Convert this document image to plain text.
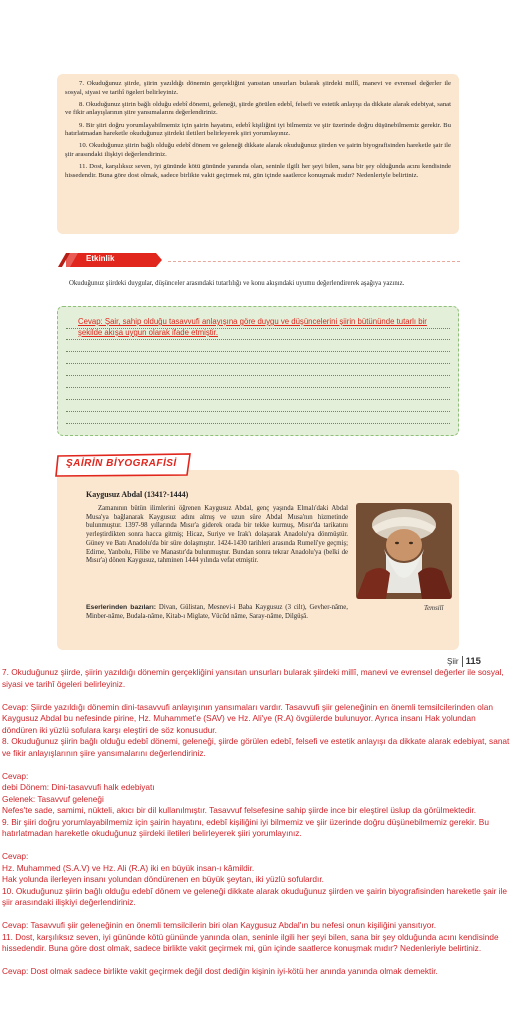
7. Okuduğunuz şiirde, şiirin yazıldığı dönemin gerçekliğini yansıtan unsurları bularak şiirdeki millî, manevi ve evrensel değerler ile sosyal, siyasi ve tarihî ögeleri belirleyiniz.

8. Okuduğunuz şiirin bağlı olduğu edebî dönemi, geleneği, şiirde görülen edebî, felsefi ve estetik anlayışı da dikkate alarak edebiyat, sanat ve fikir anlayışlarının şiire yansımalarını değerlendiriniz.

9. Bir şiiri doğru yorumlayabilmemiz için şairin hayatını, edebî kişiliğini iyi bilmemiz ve şiir üzerinde doğru düşünebilmemiz gerekir. Bu hatırlatmadan hareketle okuduğunuz şiirdeki iletileri belirleyerek şiiri yorumlayınız.

10. Okuduğunuz şiirin bağlı olduğu edebî dönem ve geleneği dikkate alarak okuduğunuz şiirden ve şairin biyografisinden hareketle şair ile şiir arasındaki ilişkiyi değerlendiriniz.

11. Dost, karşılıksız seven, iyi gününde kötü gününde yanında olan, seninle ilgili her şeyi bilen, sana bir şey olduğunda acını kendisinde hissedendir. Buna göre dost olmak, sadece birlikte vakit geçirmek mi, gün içinde saatlerce konuşmak mıdır? Nedenleriyle belirtiniz.

Etkinlik
Okuduğunuz şiirdeki duygular, düşünceler arasındaki tutarlılığı ve konu akışındaki uyumu değerlendirerek aşağıya yazınız.
Cevap: Şair, sahip olduğu tasavvufi anlayışına göre duygu ve düşüncelerini şiirin bütününde tutarlı bir şekilde akışa uygun olarak ifade etmiştir.
ŞAİRİN BİYOGRAFİSİ
Kaygusuz Abdal (1341?-1444)

Zamanının bütün ilimlerini öğrenen Kaygusuz Abdal, genç yaşında Elmalı'daki Abdal Musa'ya bağlanarak Kaygusuz adını almış ve uzun süre Abdal Musa'nın hizmetinde bulunmuştur. 1397-98 yıllarında Mısır'a giderek orada bir tekke kurmuş, Mısır'da tarikatını yerleştirdikten sonra hacca gitmiş; Hicaz, Suriye ve Irak'ı dolaşarak Anadolu'ya dönmüştür. Güney ve Batı Anadolu'da bir süre dolaşmıştır. 1424-1430 tarihleri arasında Rumeli'ye geçmiş; Edirne, Yanbolu, Filibe ve Manastır'da bulunmuştur. Bundan sonra tekrar Anadolu'ya (belki de Mısır'a) dönen Kaygusuz, tahminen 1444 yılında vefat etmiştir.

Eserlerinden bazıları: Divan, Gülistan, Mesnevi-i Baba Kaygusuz (3 cilt), Gevher-nâme, Minber-nâme, Budala-nâme, Kitab-ı Miglate, Vücûd nâme, Saray-nâme, Dilgüşâ.
Temsilî
Şiir 115
7. Okuduğunuz şiirde, şiirin yazıldığı dönemin gerçekliğini yansıtan unsurları bularak şiirdeki millî, manevi ve evrensel değerler ile sosyal, siyasi ve tarihî ögeleri belirleyiniz.
Cevap: Şiirde yazıldığı dönemin dini-tasavvufi anlayışının yansımaları vardır. Tasavvufi şiir geleneğinin en önemli temsilcilerinden olan Kaygusuz Abdal bu nefesinde pirine, Hz. Muhammet'e (SAV) ve Hz. Ali'ye (R.A) övgülerde bulunuyor. Ayrıca insanı Hak yolundan döndüren iki yüzlü sofulara karşı eleştiri de söz konusudur.
8. Okuduğunuz şiirin bağlı olduğu edebî dönemi, geleneği, şiirde görülen edebî, felsefi ve estetik anlayışı da dikkate alarak edebiyat, sanat ve fikir anlayışlarının şiire yansımalarını değerlendiriniz.
Cevap:
debi Dönem: Dini-tasavvufi halk edebiyatı
Gelenek: Tasavvuf geleneği
Nefes'te sade, samimi, nükteli, akıcı bir dil kullanılmıştır. Tasavvuf felsefesine sahip şiirde ince bir eleştirel üslup da görülmektedir.
9. Bir şiiri doğru yorumlayabilmemiz için şairin hayatını, edebî kişiliğini iyi bilmemiz ve şiir üzerinde doğru düşünebilmemiz gerekir. Bu hatırlatmadan hareketle okuduğunuz şiirdeki iletileri belirleyerek şiiri yorumlayınız.
Cevap:
Hz. Muhammed (S.A.V) ve Hz. Ali (R.A) iki en büyük insan-ı kâmildir.
Hak yolunda ilerleyen insanı yolundan döndürenen en büyük şeytan, iki yüzlü sofulardır.
10. Okuduğunuz şiirin bağlı olduğu edebî dönem ve geleneği dikkate alarak okuduğunuz şiirden ve şairin biyografisinden hareketle şair ile şiir arasındaki ilişkiyi değerlendiriniz.
Cevap: Tasavvufi şiir geleneğinin en önemli temsilcilerin biri olan Kaygusuz Abdal'ın bu nefesi onun kişiliğini yansıtıyor.
11. Dost, karşılıksız seven, iyi gününde kötü gününde yanında olan, seninle ilgili her şeyi bilen, sana bir şey olduğunda acını kendisinde hissedendir. Buna göre dost olmak, sadece birlikte vakit geçirmek mi, gün içinde saatlerce konuşmak mıdır? Nedenleriyle belirtiniz.
Cevap: Dost olmak sadece birlikte vakit geçirmek değil dost dediğin kişinin iyi-kötü her anında yanında olmak demektir.
